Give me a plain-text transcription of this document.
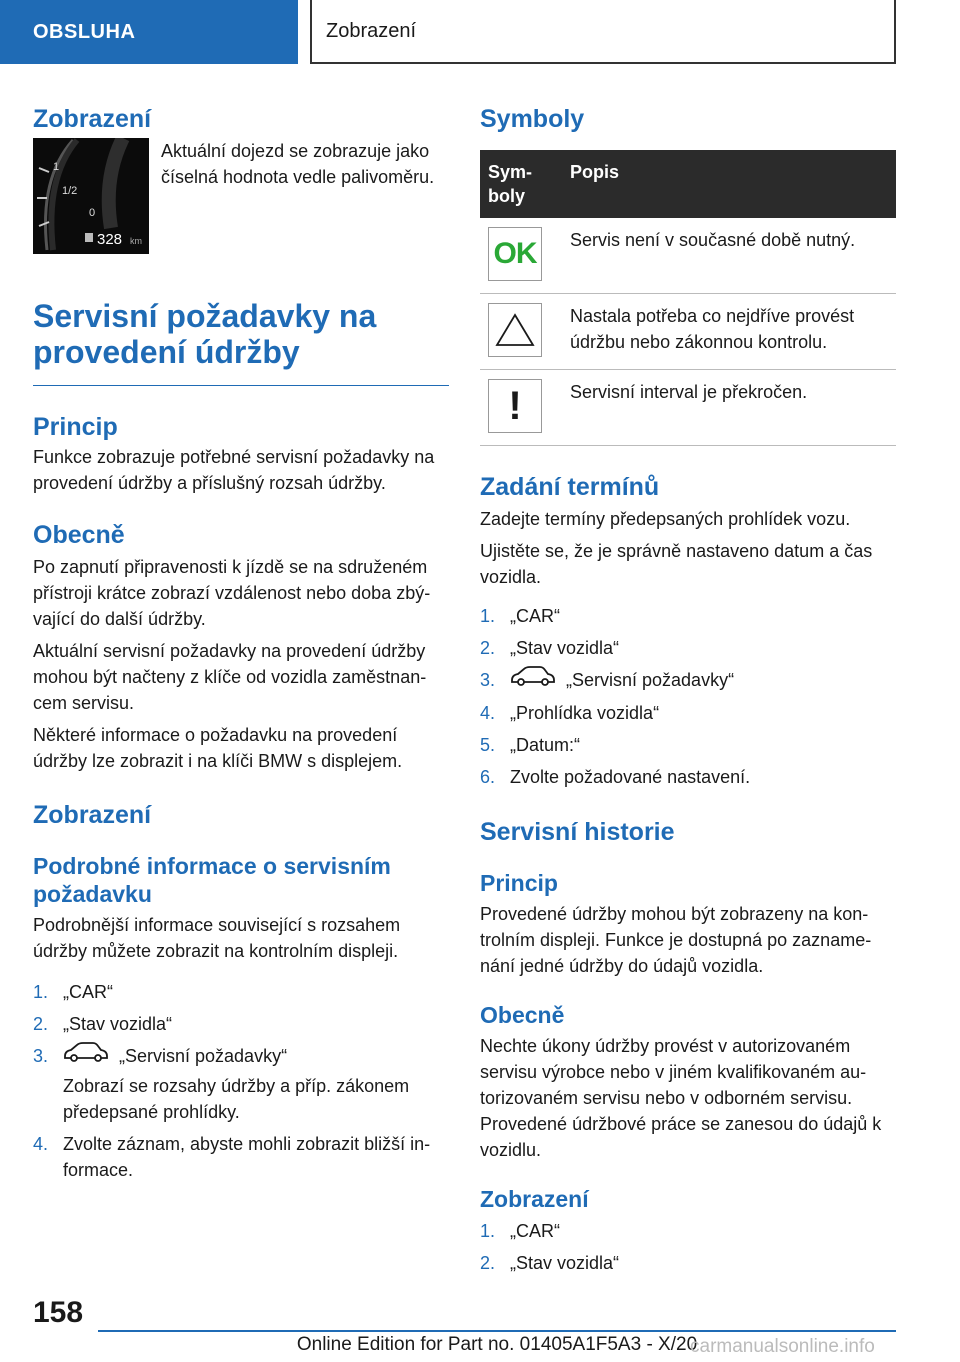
OBSLUHA	Zobrazení
Zobrazení
1
1/2
0
328 km

Aktuální dojezd se zobrazuje jako číselná hodnota vedle palivoměru.

Servisní požadavky na provedení údržby
Princip

Funkce zobrazuje potřebné servisní požadavky na provedení údržby a příslušný rozsah údržby.

Obecně

Po zapnutí připravenosti k jízdě se na sdruženém přístroji krátce zobrazí vzdálenost nebo doba zbý-vající do další údržby.

Aktuální servisní požadavky na provedení údržby mohou být načteny z klíče od vozidla zaměstnan-cem servisu.

Některé informace o požadavku na provedení údržby lze zobrazit i na klíči BMW s displejem.

Zobrazení
Podrobné informace o servisním požadavku

Podrobnější informace související s rozsahem údržby můžete zobrazit na kontrolním displeji.

1. „CAR“
2. „Stav vozidla“
3.	„Servisní požadavky“
Zobrazí se rozsahy údržby a příp. zákonem předepsané prohlídky.
4. Zvolte záznam, abyste mohli zobrazit bližší in-formace.
Symboly
Sym-boly	Popis

OK	Servis není v současné době nutný.

	Nastala potřeba co nejdříve provést údržbu nebo zákonnou kontrolu.

!	Servisní interval je překročen.
Zadání termínů

Zadejte termíny předepsaných prohlídek vozu.

Ujistěte se, že je správně nastaveno datum a čas vozidla.

1. „CAR“
2. „Stav vozidla“
3.	„Servisní požadavky“
4. „Prohlídka vozidla“
5. „Datum:“
6. Zvolte požadované nastavení.
Servisní historie
Princip

Provedené údržby mohou být zobrazeny na kon-trolním displeji. Funkce je dostupná po zazname-nání jedné údržby do údajů vozidla.

Obecně

Nechte úkony údržby provést v autorizovaném servisu výrobce nebo v jiném kvalifikovaném au-torizovaném servisu nebo v odborném servisu. Provedené údržbové práce se zanesou do údajů k vozidlu.

Zobrazení
1. „CAR“
2. „Stav vozidla“
158
Online Edition for Part no. 01405A1F5A3 - X/20
carmanualsonline.info
